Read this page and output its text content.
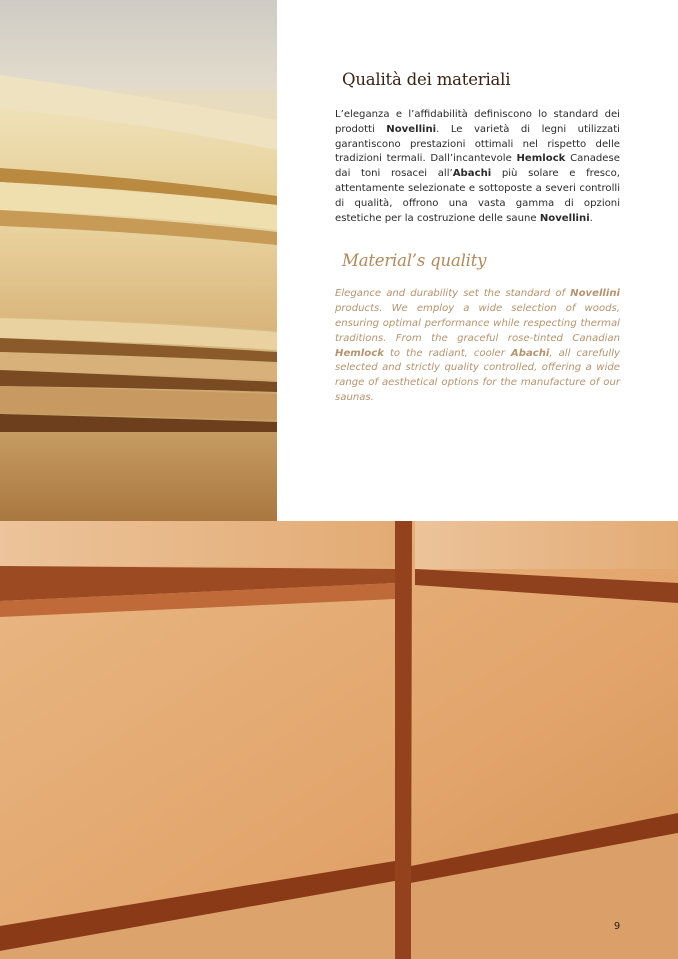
Qualità dei materiali

L’eleganza e l’affidabilità definiscono lo standard dei prodotti Novellini. Le varietà di legni utilizzati garantiscono prestazioni ottimali nel rispetto delle tradizioni termali. Dall’incantevole Hemlock Canadese dai toni rosacei all’Abachi più solare e fresco, attentamente selezionate e sottoposte a severi controlli di qualità, offrono una vasta gamma di opzioni estetiche per la costruzione delle saune Novellini.

Material’s quality

Elegance and durability set the standard of Novellini products. We employ a wide selection of woods, ensuring optimal performance while respecting thermal traditions. From the graceful rose-tinted Canadian Hemlock to the radiant, cooler Abachi, all carefully selected and strictly quality controlled, offering a wide range of aesthetical options for the manufacture of our saunas.

9
